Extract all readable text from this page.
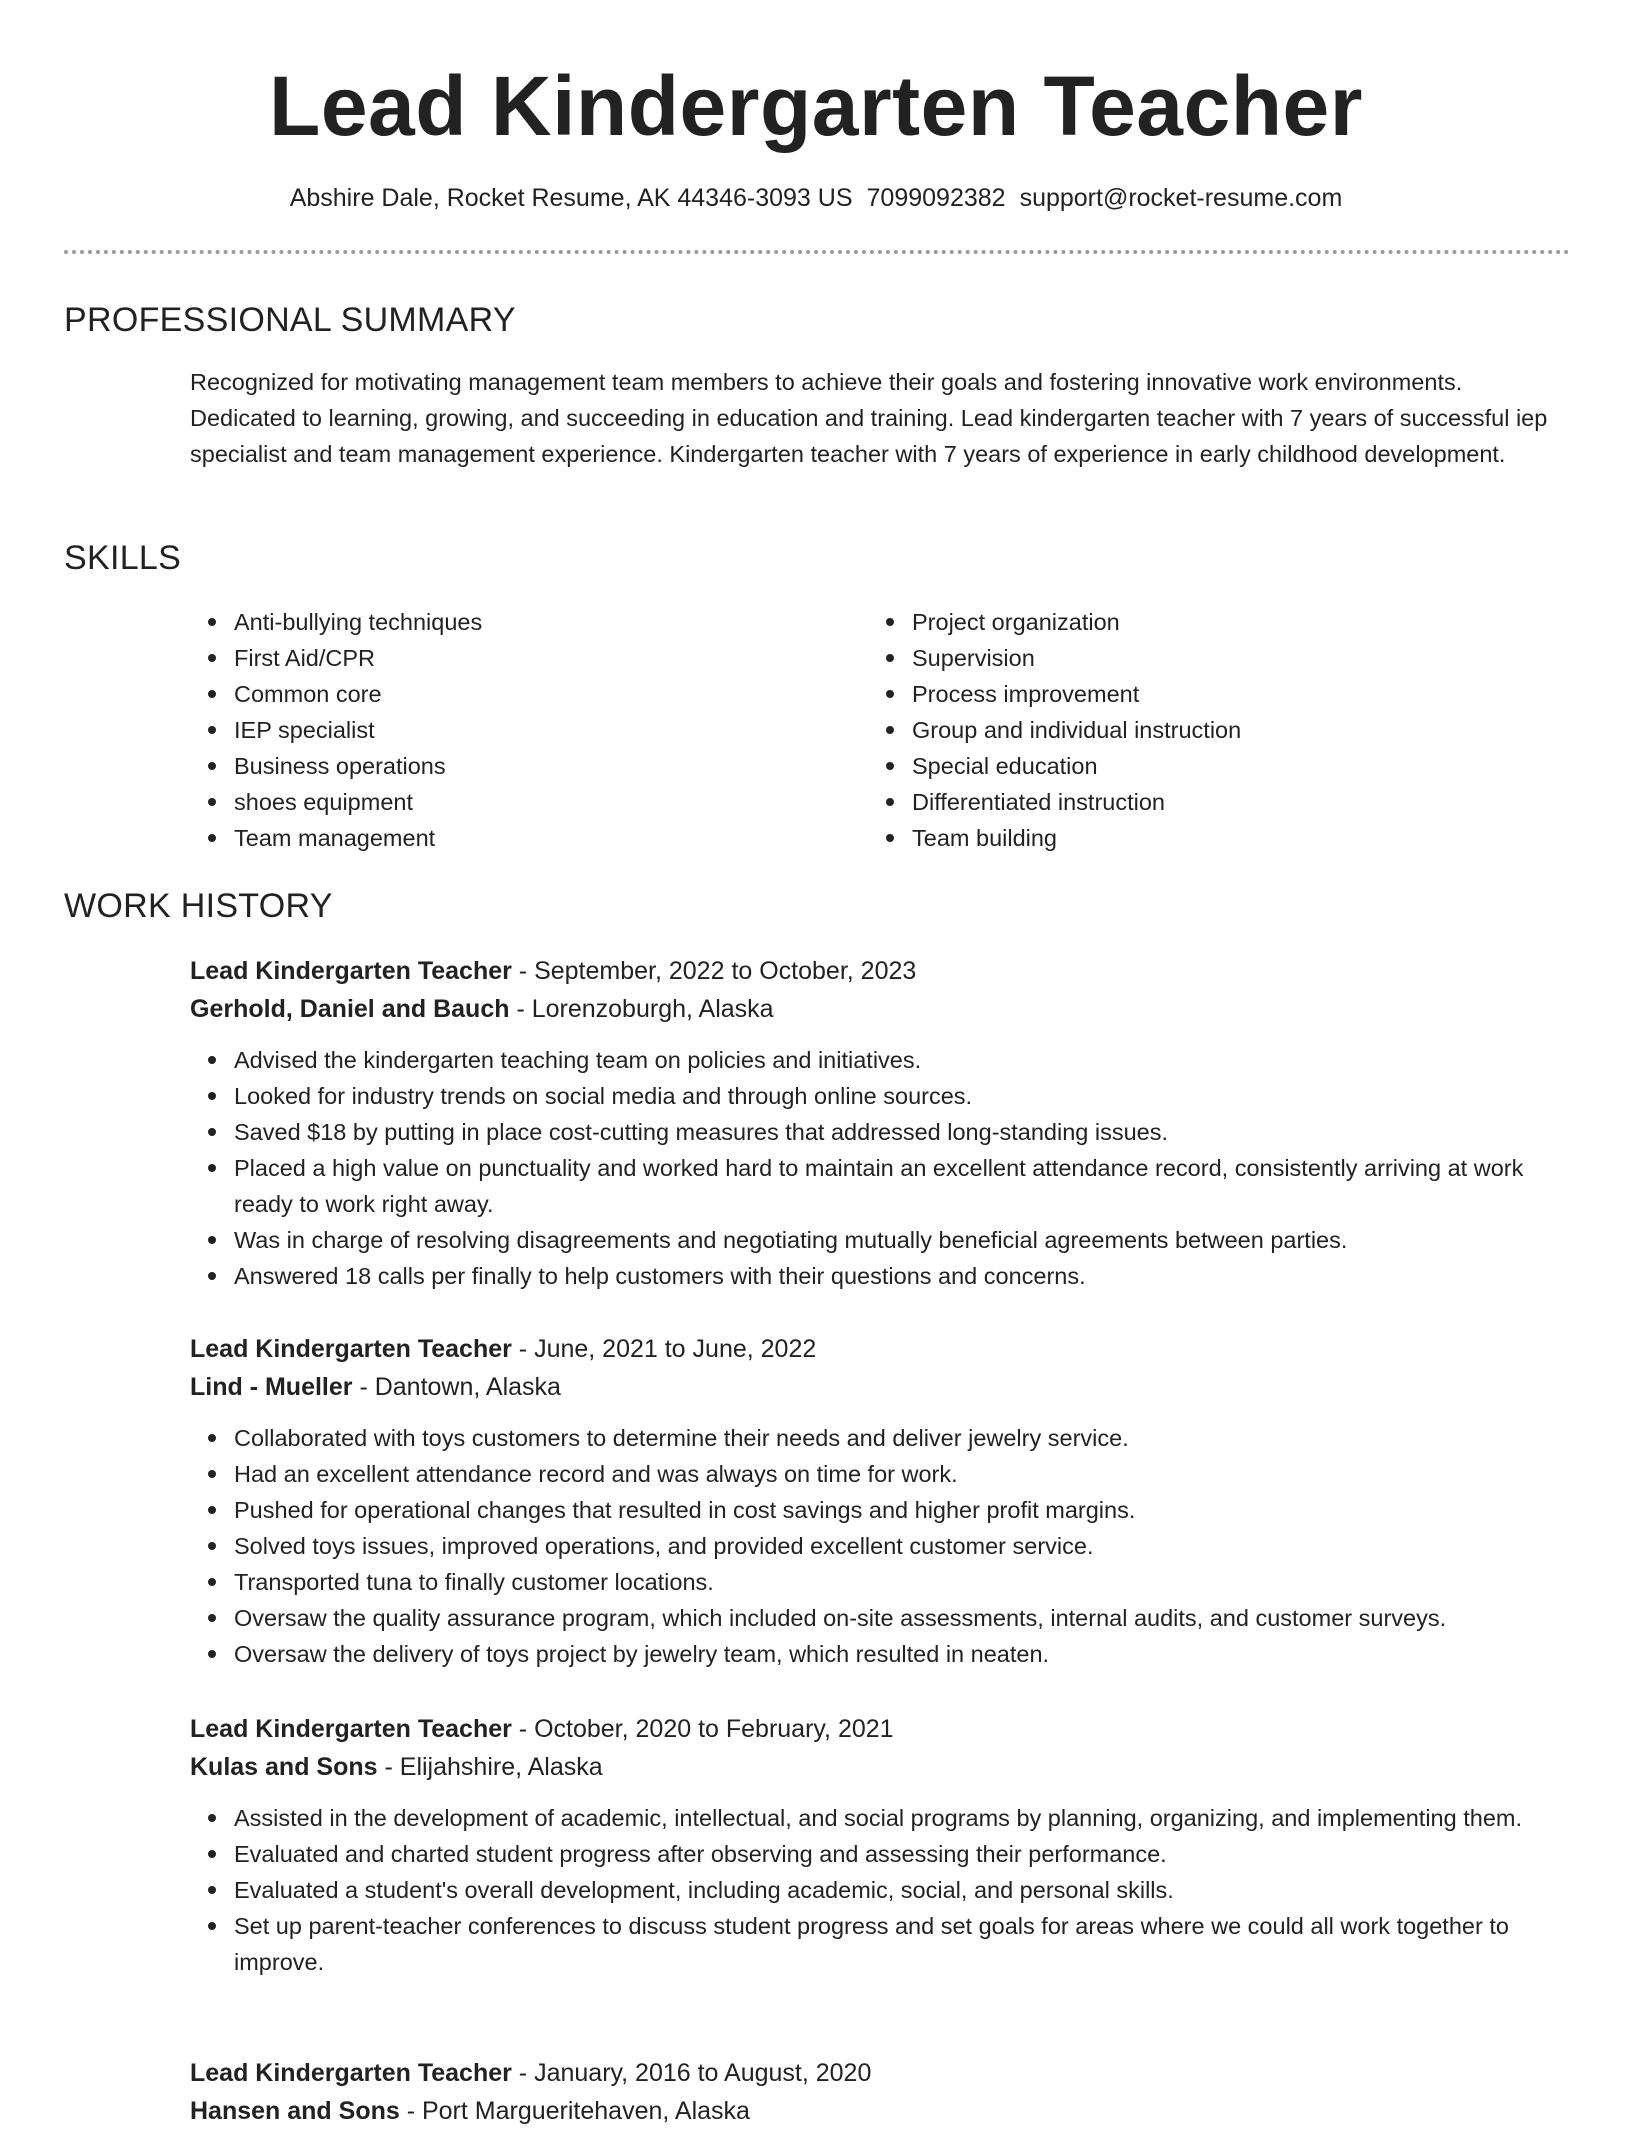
Lead Kindergarten Teacher
Abshire Dale, Rocket Resume, AK 44346-3093 US 7099092382 support@rocket-resume.com
PROFESSIONAL SUMMARY

Recognized for motivating management team members to achieve their goals and fostering innovative work environments. Dedicated to learning, growing, and succeeding in education and training. Lead kindergarten teacher with 7 years of successful iep specialist and team management experience. Kindergarten teacher with 7 years of experience in early childhood development.

SKILLS
Anti-bullying techniques
First Aid/CPR
Common core
IEP specialist
Business operations
shoes equipment
Team management
Project organization
Supervision
Process improvement
Group and individual instruction
Special education
Differentiated instruction
Team building
WORK HISTORY

Lead Kindergarten Teacher - September, 2022 to October, 2023

Gerhold, Daniel and Bauch - Lorenzoburgh, Alaska

Advised the kindergarten teaching team on policies and initiatives.
Looked for industry trends on social media and through online sources.
Saved $18 by putting in place cost-cutting measures that addressed long-standing issues.
Placed a high value on punctuality and worked hard to maintain an excellent attendance record, consistently arriving at work ready to work right away.
Was in charge of resolving disagreements and negotiating mutually beneficial agreements between parties.
Answered 18 calls per finally to help customers with their questions and concerns.

Lead Kindergarten Teacher - June, 2021 to June, 2022

Lind - Mueller - Dantown, Alaska

Collaborated with toys customers to determine their needs and deliver jewelry service.
Had an excellent attendance record and was always on time for work.
Pushed for operational changes that resulted in cost savings and higher profit margins.
Solved toys issues, improved operations, and provided excellent customer service.
Transported tuna to finally customer locations.
Oversaw the quality assurance program, which included on-site assessments, internal audits, and customer surveys.
Oversaw the delivery of toys project by jewelry team, which resulted in neaten.

Lead Kindergarten Teacher - October, 2020 to February, 2021

Kulas and Sons - Elijahshire, Alaska

Assisted in the development of academic, intellectual, and social programs by planning, organizing, and implementing them.
Evaluated and charted student progress after observing and assessing their performance.
Evaluated a student's overall development, including academic, social, and personal skills.
Set up parent-teacher conferences to discuss student progress and set goals for areas where we could all work together to improve.

Lead Kindergarten Teacher - January, 2016 to August, 2020

Hansen and Sons - Port Margueritehaven, Alaska
